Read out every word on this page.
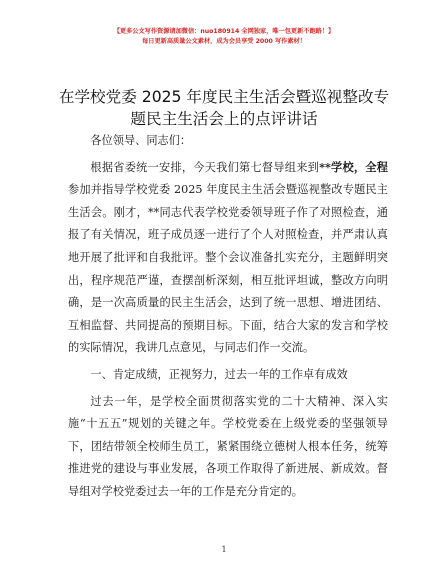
【更多公文写作资源请加微信：nuo180914 全网独家，唯一包更新不跑路！】
每日更新高质量公文素材，成为会员享受 2000 写作素材！
在学校党委 2025 年度民主生活会暨巡视整改专题民主生活会上的点评讲话

各位领导、同志们：

根据省委统一安排，今天我们第七督导组来到**学校，全程参加并指导学校党委 2025 年度民主生活会暨巡视整改专题民主生活会。刚才，**同志代表学校党委领导班子作了对照检查，通报了有关情况，班子成员逐一进行了个人对照检查，并严肃认真地开展了批评和自我批评。整个会议准备扎实充分，主题鲜明突出，程序规范严谨，查摆剖析深刻，相互批评坦诚，整改方向明确，是一次高质量的民主生活会，达到了统一思想、增进团结、互相监督、共同提高的预期目标。下面，结合大家的发言和学校的实际情况，我讲几点意见，与同志们作一交流。

一、肯定成绩，正视努力，过去一年的工作卓有成效

过去一年，是学校全面贯彻落实党的二十大精神、深入实施“十五五”规划的关键之年。学校党委在上级党委的坚强领导下，团结带领全校师生员工，紧紧围绕立德树人根本任务，统筹推进党的建设与事业发展，各项工作取得了新进展、新成效。督导组对学校党委过去一年的工作是充分肯定的。

1
